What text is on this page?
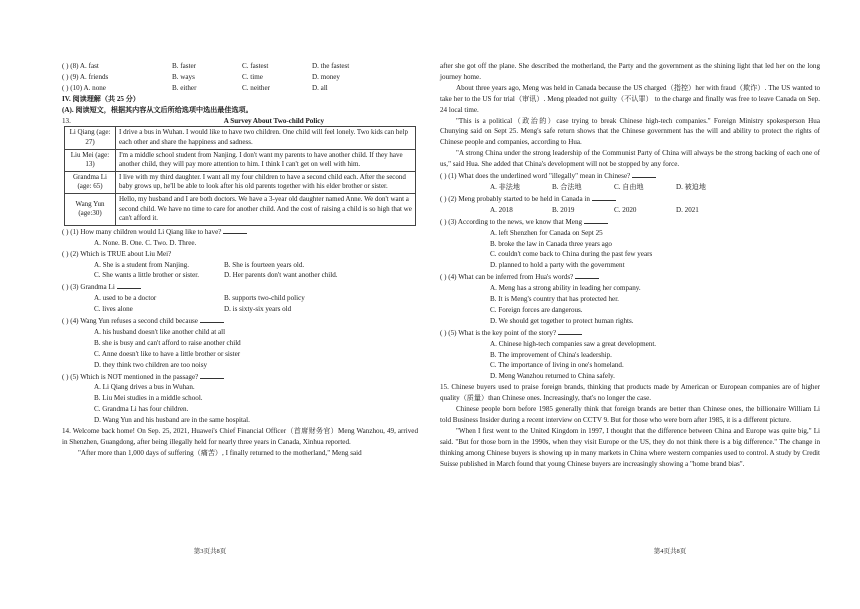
( ) (8) A. fast	B. faster	C. fastest	D. the fastest
( ) (9) A. friends	B. ways	C. time	D. money
( ) (10) A. none	B. either	C. neither	D. all
IV. 阅读理解（共 25 分）
(A). 阅读短文，根据其内容从文后所给选项中选出最佳选项。
13.	A Survey About Two-child Policy
Li Qiang (age: 27)	I drive a bus in Wuhan. I would like to have two children. One child will feel lonely. Two kids can help each other and share the happiness and sadness.
Liu Mei (age: 13)	I'm a middle school student from Nanjing. I don't want my parents to have another child. If they have another child, they will pay more attention to him. I think I can't get on well with him.
Grandma Li (age: 65)	I live with my third daughter. I want all my four children to have a second child each. After the second baby grows up, he'll be able to look after his old parents together with his elder brother or sister.
Wang Yun (age:30)	Hello, my husband and I are both doctors. We have a 3-year old daughter named Anne. We don't want a second child. We have no time to care for another child. And the cost of raising a child is so high that we can't afford it.
( ) (1) How many children would Li Qiang like to have?
A. None. B. One. C. Two. D. Three.
( ) (2) Which is TRUE about Liu Mei?
A. She is a student from Nanjing.	B. She is fourteen years old.
C. She wants a little brother or sister.	D. Her parents don't want another child.
( ) (3) Grandma Li
A. used to be a doctor	B. supports two-child policy
C. lives alone	D. is sixty-six years old
( ) (4) Wang Yun refuses a second child because
A. his husband doesn't like another child at all
B. she is busy and can't afford to raise another child
C. Anne doesn't like to have a little brother or sister
D. they think two children are too noisy
( ) (5) Which is NOT mentioned in the passage?
A. Li Qiang drives a bus in Wuhan.
B. Liu Mei studies in a middle school.
C. Grandma Li has four children.
D. Wang Yun and his husband are in the same hospital.
14. Welcome back home! On Sep. 25, 2021, Huawei's Chief Financial Officer（首席财务官）Meng Wanzhou, 49, arrived in Shenzhen, Guangdong, after being illegally held for nearly three years in Canada, Xinhua reported.
"After more than 1,000 days of suffering（痛苦）, I finally returned to the motherland," Meng said
第3页共8页
after she got off the plane. She described the motherland, the Party and the government as the shining light that led her on the long journey home.
About three years ago, Meng was held in Canada because the US charged（指控）her with fraud（欺诈）. The US wanted to take her to the US for trial（审讯）. Meng pleaded not guilty（不认罪） to the charge and finally was free to leave Canada on Sep. 24 local time.
"This is a political（政治的）case trying to break Chinese high-tech companies." Foreign Ministry spokesperson Hua Chunying said on Sept 25. Meng's safe return shows that the Chinese government has the will and ability to protect the rights of Chinese people and companies, according to Hua.
"A strong China under the strong leadership of the Communist Party of China will always be the strong backing of each one of us," said Hua. She added that China's development will not be stopped by any force.
( ) (1) What does the underlined word "illegally" mean in Chinese?
A. 非法地	B. 合法地	C. 自由地	D. 被迫地
( ) (2) Meng probably started to be held in Canada in
A. 2018	B. 2019	C. 2020	D. 2021
( ) (3) According to the news, we know that Meng
A. left Shenzhen for Canada on Sept 25
B. broke the law in Canada three years ago
C. couldn't come back to China during the past few years
D. planned to hold a party with the government
( ) (4) What can be inferred from Hua's words?
A. Meng has a strong ability in leading her company.
B. It is Meng's country that has protected her.
C. Foreign forces are dangerous.
D. We should get together to protect human rights.
( ) (5) What is the key point of the story?
A. Chinese high-tech companies saw a great development.
B. The improvement of China's leadership.
C. The importance of living in one's homeland.
D. Meng Wanzhou returned to China safely.
15. Chinese buyers used to praise foreign brands, thinking that products made by American or European companies are of higher quality（质量）than Chinese ones. Increasingly, that's no longer the case.
Chinese people born before 1985 generally think that foreign brands are better than Chinese ones, the billionaire William Li told Business Insider during a recent interview on CCTV 9. But for those who were born after 1985, it is a different picture.
"When I first went to the United Kingdom in 1997, I thought that the difference between China and Europe was quite big," Li said. "But for those born in the 1990s, when they visit Europe or the US, they do not think there is a big difference." The change in thinking among Chinese buyers is showing up in many markets in China where western companies used to control. A study by Credit Suisse published in March found that young Chinese buyers are increasingly showing a "home brand bias".
第4页共8页
